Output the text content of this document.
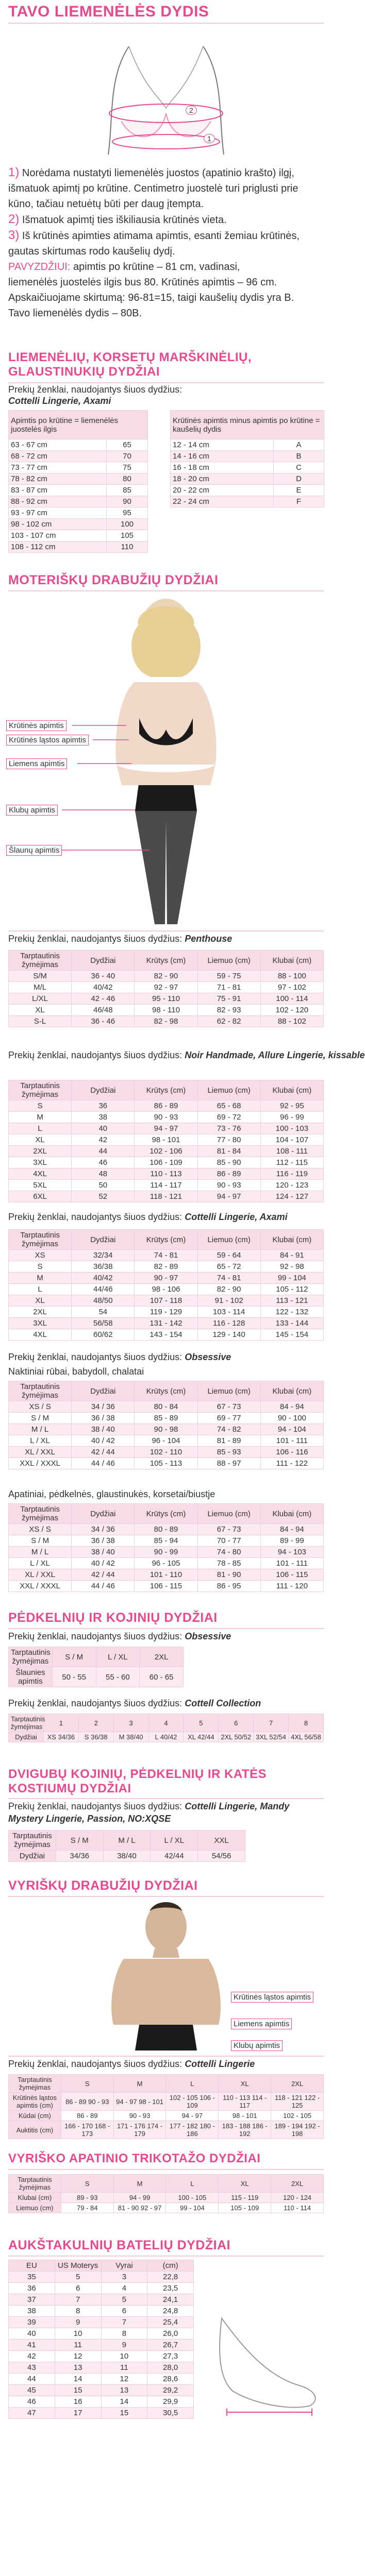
TAVO LIEMENĖLĖS DYDIS
2
1

1) Norėdama nustatyti liemenėlės juostos (apatinio krašto) ilgį, išmatuok apimtį po krūtine. Centimetro juostelė turi priglusti prie kūno, tačiau netuėtų būti per daug įtempta.

2) Išmatuok apimtį ties iškiliausia krūtinės vieta.

3) Iš krūtinės apimties atimama apimtis, esanti žemiau krūtinės, gautas skirtumas rodo kaušelių dydį.

PAVYZDŽIUI: apimtis po krūtine – 81 cm, vadinasi,

liemenėlės juostelės ilgis bus 80. Krūtinės apimtis – 96 cm.

Apskaičiuojame skirtumą: 96-81=15, taigi kaušelių dydis yra B.

Tavo liemenėlės dydis – 80B.

LIEMENĖLIŲ, KORSETŲ MARŠKINĖLIŲ, GLAUSTINUKIŲ DYDŽIAI
Prekių ženklai, naudojantys šiuos dydžius:
Cottelli Lingerie, Axami
Apimtis po krūtine = liemenėlės juostelės ilgis	
63 - 67 cm	65
68 - 72 cm	70
73 - 77 cm	75
78 - 82 cm	80
83 - 87 cm	85
88 - 92 cm	90
93 - 97 cm	95
98 - 102 cm	100
103 - 107 cm	105
108 - 112 cm	110
Krūtinės apimtis minus apimtis po krūtine = kaušelių dydis	
12 - 14 cm	A
14 - 16 cm	B
16 - 18 cm	C
18 - 20 cm	D
20 - 22 cm	E
22 - 24 cm	F
MOTERIŠKŲ DRABUŽIŲ DYDŽIAI
Krūtinės apimtis
Krūtinės ląstos apimtis
Liemens apimtis
Klubų apimtis
Šlaunų apimtis
Prekių ženklai, naudojantys šiuos dydžius: Penthouse
Tarptautinis žymėjimas	Dydžiai	Krūtys (cm)	Liemuo (cm)	Klubai (cm)
S/M	36 - 40	82 - 90	59 - 75	88 - 100
M/L	40/42	92 - 97	71 - 81	97 - 102
L/XL	42 - 46	95 - 110	75 - 91	100 - 114
XL	46/48	98 - 110	82 - 93	102 - 120
S-L	36 - 46	82 - 98	62 - 82	88 - 102
Prekių ženklai, naudojantys šiuos dydžius: Noir Handmade, Allure Lingerie, kissable
Tarptautinis žymėjimas	Dydžiai	Krūtys (cm)	Liemuo (cm)	Klubai (cm)
S	36	86 - 89	65 - 68	92 - 95
M	38	90 - 93	69 - 72	96 - 99
L	40	94 - 97	73 - 76	100 - 103
XL	42	98 - 101	77 - 80	104 - 107
2XL	44	102 - 106	81 - 84	108 - 111
3XL	46	106 - 109	85 - 90	112 - 115
4XL	48	110 - 113	86 - 89	116 - 119
5XL	50	114 - 117	90 - 93	120 - 123
6XL	52	118 - 121	94 - 97	124 - 127
Prekių ženklai, naudojantys šiuos dydžius: Cottelli Lingerie, Axami
Tarptautinis žymėjimas	Dydžiai	Krūtys (cm)	Liemuo (cm)	Klubai (cm)
XS	32/34	74 - 81	59 - 64	84 - 91
S	36/38	82 - 89	65 - 72	92 - 98
M	40/42	90 - 97	74 - 81	99 - 104
L	44/46	98 - 106	82 - 90	105 - 112
XL	48/50	107 - 118	91 - 102	113 - 121
2XL	54	119 - 129	103 - 114	122 - 132
3XL	56/58	131 - 142	116 - 128	133 - 144
4XL	60/62	143 - 154	129 - 140	145 - 154
Prekių ženklai, naudojantys šiuos dydžius: Obsessive
Naktiniai rūbai, babydoll, chalatai
Tarptautinis žymėjimas	Dydžiai	Krūtys (cm)	Liemuo (cm)	Klubai (cm)
XS / S	34 / 36	80 - 84	67 - 73	84 - 94
S / M	36 / 38	85 - 89	69 - 77	90 - 100
M / L	38 / 40	90 - 98	74 - 82	94 - 104
L / XL	40 / 42	96 - 104	81 - 89	101 - 111
XL / XXL	42 / 44	102 - 110	85 - 93	106 - 116
XXL / XXXL	44 / 46	105 - 113	88 - 97	111 - 122
Apatiniai, pėdkelnės, glaustinukės, korsetai/biustje
Tarptautinis žymėjimas	Dydžiai	Krūtys (cm)	Liemuo (cm)	Klubai (cm)
XS / S	34 / 36	80 - 89	67 - 73	84 - 94
S / M	36 / 38	85 - 94	70 - 77	89 - 99
M / L	38 / 40	90 - 99	74 - 80	94 - 103
L / XL	40 / 42	96 - 105	78 - 85	101 - 111
XL / XXL	42 / 44	101 - 110	81 - 90	106 - 115
XXL / XXXL	44 / 46	106 - 115	86 - 95	111 - 120
PĖDKELNIŲ IR KOJINIŲ DYDŽIAI
Prekių ženklai, naudojantys šiuos dydžius: Obsessive
Tarptautinis žymėjimas	S / M	L / XL	2XL
Šlaunies apimtis	50 - 55	55 - 60	60 - 65
Prekių ženklai, naudojantys šiuos dydžius: Cottell Collection
Tarptautinis žymėjimas	1	2	3	4	5	6	7	8
Dydžiai	XS 34/36	S 36/38	M 38/40	L 40/42	XL 42/44	2XL 50/52	3XL 52/54	4XL 56/58
DVIGUBŲ KOJINIŲ, PĖDKELNIŲ IR KATĖS KOSTIUMŲ DYDŽIAI
Prekių ženklai, naudojantys šiuos dydžius: Cottelli Lingerie, Mandy Mystery Lingerie, Passion, NO:XQSE
Tarptautinis žymėjimas	S / M	M / L	L / XL	XXL
Dydžiai	34/36	38/40	42/44	54/56
VYRIŠKŲ DRABUŽIŲ DYDŽIAI
Krūtinės ląstos apimtis
Liemens apimtis
Klubų apimtis
Prekių ženklai, naudojantys šiuos dydžius: Cottelli Lingerie
Tarptautinis žymėjimas	S	M	L	XL	2XL
Krūtinės ląstos apimtis (cm)	86 - 89 90 - 93	94 - 97 98 - 101	102 - 105 106 - 109	110 - 113 114 - 117	118 - 121 122 - 125
Kūdai (cm)	86 - 89	90 - 93	94 - 97	98 - 101	102 - 105
Auktitis (cm)	166 - 170 168 - 173	171 - 176 174 - 179	177 - 182 180 - 186	183 - 188 186 - 192	189 - 194 192 - 198
VYRIŠKO APATINIO TRIKOTAŽO DYDŽIAI
Tarptautinis žymėjimas	S	M	L	XL	2XL
Klubai (cm)	89 - 93	94 - 99	100 - 105	115 - 119	120 - 124
Liemuo (cm)	79 - 84	81 - 90 92 - 97	99 - 104	105 - 109	110 - 114
AUKŠTAKULNIŲ BATELIŲ DYDŽIAI
EU	US Moterys	Vyrai	(cm)
35	5	3	22,8
36	6	4	23,5
37	7	5	24,1
38	8	6	24,8
39	9	7	25,4
40	10	8	26,0
41	11	9	26,7
42	12	10	27,3
43	13	11	28,0
44	14	12	28,6
45	15	13	29,2
46	16	14	29,9
47	17	15	30,5
